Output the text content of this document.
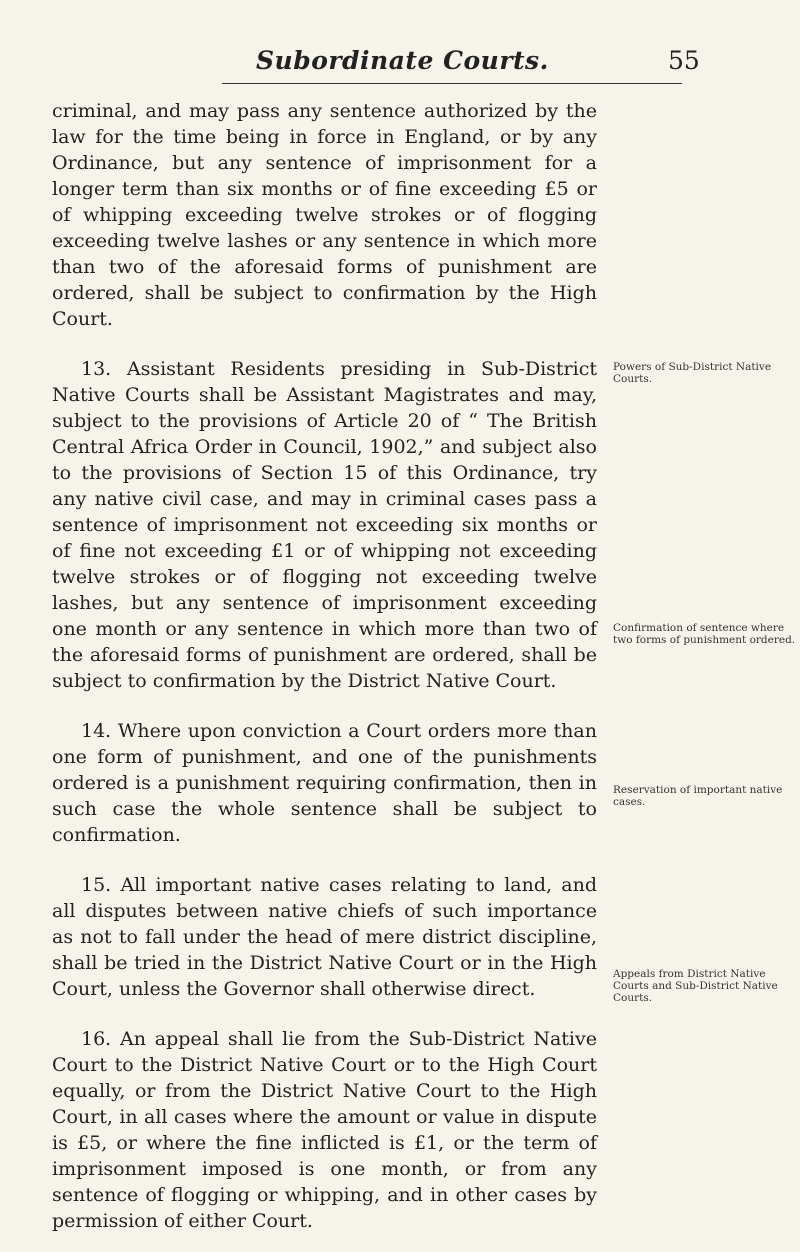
Subordinate Courts.	55

criminal, and may pass any sentence authorized by the law for the time being in force in England, or by any Ordinance, but any sentence of imprisonment for a longer term than six months or of fine exceeding £5 or of whipping exceeding twelve strokes or of flogging exceeding twelve lashes or any sentence in which more than two of the aforesaid forms of punishment are ordered, shall be subject to confirmation by the High Court.

13. Assistant Residents presiding in Sub-District Native Courts shall be Assistant Magistrates and may, subject to the provisions of Article 20 of “ The British Central Africa Order in Council, 1902,” and subject also to the provisions of Section 15 of this Ordinance, try any native civil case, and may in criminal cases pass a sentence of imprisonment not exceeding six months or of fine not exceeding £1 or of whipping not exceeding twelve strokes or of flogging not exceeding twelve lashes, but any sentence of imprisonment exceeding one month or any sentence in which more than two of the aforesaid forms of punishment are ordered, shall be subject to confirmation by the District Native Court.

14. Where upon conviction a Court orders more than one form of punishment, and one of the punishments ordered is a punishment requiring confirmation, then in such case the whole sentence shall be subject to confirmation.

15. All important native cases relating to land, and all disputes between native chiefs of such importance as not to fall under the head of mere district discipline, shall be tried in the District Native Court or in the High Court, unless the Governor shall otherwise direct.

16. An appeal shall lie from the Sub-District Native Court to the District Native Court or to the High Court equally, or from the District Native Court to the High Court, in all cases where the amount or value in dispute is £5, or where the fine inflicted is £1, or the term of imprisonment imposed is one month, or from any sentence of flogging or whipping, and in other cases by permission of either Court.

Powers of Sub-District Native Courts.
Confirmation of sentence where two forms of punishment ordered.
Reservation of important native cases.
Appeals from District Native Courts and Sub-District Native Courts.
